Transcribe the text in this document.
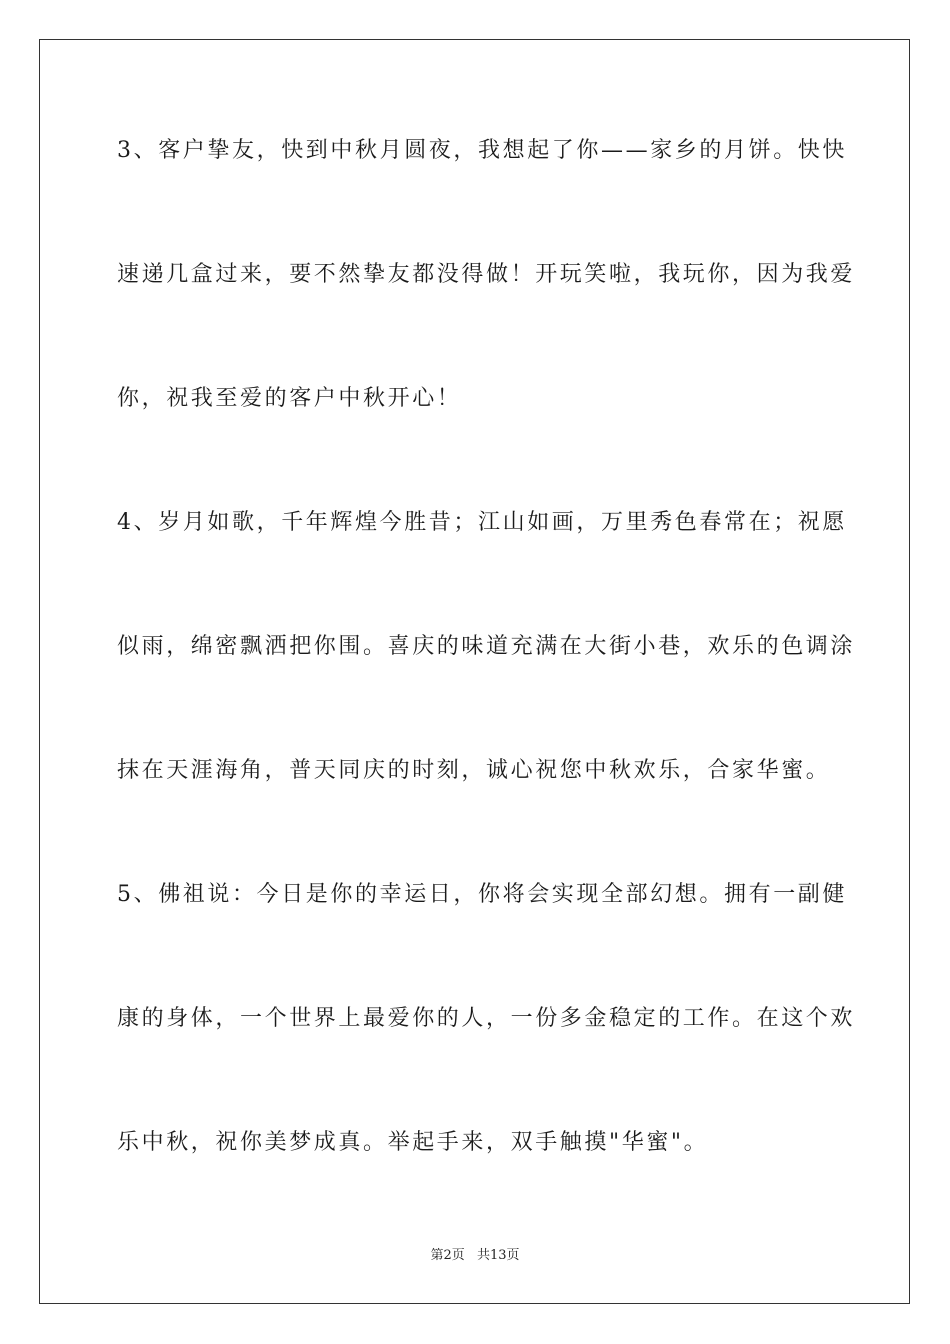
3、客户挚友，快到中秋月圆夜，我想起了你——家乡的月饼。快快
速递几盒过来，要不然挚友都没得做！开玩笑啦，我玩你，因为我爱
你，祝我至爱的客户中秋开心！
4、岁月如歌，千年辉煌今胜昔；江山如画，万里秀色春常在；祝愿
似雨，绵密飘洒把你围。喜庆的味道充满在大街小巷，欢乐的色调涂
抹在天涯海角，普天同庆的时刻，诚心祝您中秋欢乐，合家华蜜。
5、佛祖说：今日是你的幸运日，你将会实现全部幻想。拥有一副健
康的身体，一个世界上最爱你的人，一份多金稳定的工作。在这个欢
乐中秋，祝你美梦成真。举起手来，双手触摸"华蜜"。
第2页 共13页
